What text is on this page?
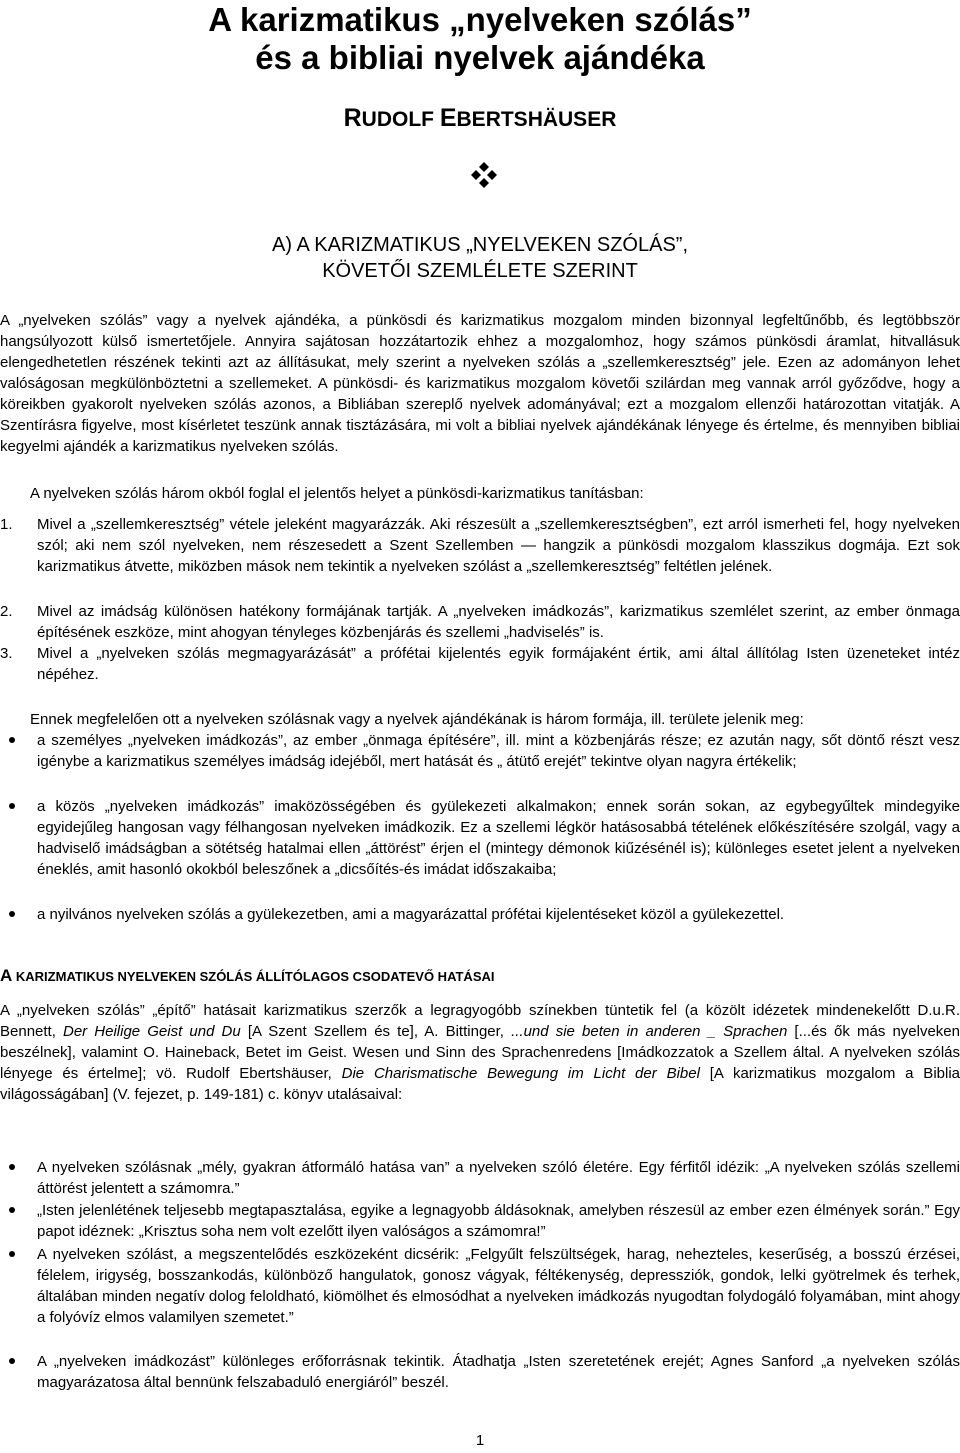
A karizmatikus „nyelveken szólás”
és a bibliai nyelvek ajándéka
RUDOLF EBERTSHÄUSER
A) A KARIZMATIKUS „NYELVEKEN SZÓLÁS”,
KÖVETŐI SZEMLÉLETE SZERINT

A „nyelveken szólás” vagy a nyelvek ajándéka, a pünkösdi és karizmatikus mozgalom minden bizonnyal legfeltűnőbb, és legtöbbször hangsúlyozott külső ismertetőjele. Annyira sajátosan hozzátartozik ehhez a mozgalomhoz, hogy számos pünkösdi áramlat, hitvallásuk elengedhetetlen részének tekinti azt az állításukat, mely szerint a nyelveken szólás a „szellemkeresztség” jele. Ezen az adományon lehet valóságosan megkülönböztetni a szellemeket. A pünkösdi- és karizmatikus mozgalom követői szilárdan meg vannak arról győződve, hogy a köreikben gyakorolt nyelveken szólás azonos, a Bibliában szereplő nyelvek adományával; ezt a mozgalom ellenzői határozottan vitatják. A Szentírásra figyelve, most kísérletet teszünk annak tisztázására, mi volt a bibliai nyelvek ajándékának lényege és értelme, és mennyiben bibliai kegyelmi ajándék a karizmatikus nyelveken szólás.

A nyelveken szólás három okból foglal el jelentős helyet a pünkösdi-karizmatikus tanításban:

1. Mivel a „szellemkeresztség” vétele jeleként magyarázzák. Aki részesült a „szellemkeresztségben”, ezt arról ismerheti fel, hogy nyelveken szól; aki nem szól nyelveken, nem részesedett a Szent Szellemben — hangzik a pünkösdi mozgalom klasszikus dogmája. Ezt sok karizmatikus átvette, miközben mások nem tekintik a nyelveken szólást a „szellemkeresztség” feltétlen jelének.
2. Mivel az imádság különösen hatékony formájának tartják. A „nyelveken imádkozás”, karizmatikus szemlélet szerint, az ember önmaga építésének eszköze, mint ahogyan tényleges közbenjárás és szellemi „hadviselés” is.
3. Mivel a „nyelveken szólás megmagyarázását” a prófétai kijelentés egyik formájaként értik, ami által állítólag Isten üzeneteket intéz népéhez.

Ennek megfelelően ott a nyelveken szólásnak vagy a nyelvek ajándékának is három formája, ill. területe jelenik meg:

a személyes „nyelveken imádkozás”, az ember „önmaga építésére”, ill. mint a közbenjárás része; ez azután nagy, sőt döntő részt vesz igénybe a karizmatikus személyes imádság idejéből, mert hatását és „ átütő erejét” tekintve olyan nagyra értékelik;
a közös „nyelveken imádkozás” imaközösségében és gyülekezeti alkalmakon; ennek során sokan, az egybegyűltek mindegyike egyidejűleg hangosan vagy félhangosan nyelveken imádkozik. Ez a szellemi légkör hatásosabbá tételének előkészítésére szolgál, vagy a hadviselő imádságban a sötétség hatalmai ellen „áttörést” érjen el (mintegy démonok kiűzésénél is); különleges esetet jelent a nyelveken éneklés, amit hasonló okokból beleszőnek a „dicsőítés-és imádat időszakaiba;
a nyilvános nyelveken szólás a gyülekezetben, ami a magyarázattal prófétai kijelentéseket közöl a gyülekezettel.
A KARIZMATIKUS NYELVEKEN SZÓLÁS ÁLLÍTÓLAGOS CSODATEVŐ HATÁSAI

A „nyelveken szólás” „építő” hatásait karizmatikus szerzők a legragyogóbb színekben tüntetik fel (a közölt idézetek mindenekelőtt D.u.R. Bennett, Der Heilige Geist und Du [A Szent Szellem és te], A. Bittinger, ...und sie beten in anderen _ Sprachen [...és ők más nyelveken beszélnek], valamint O. Haineback, Betet im Geist. Wesen und Sinn des Sprachenredens [Imádkozzatok a Szellem által. A nyelveken szólás lényege és értelme]; vö. Rudolf Ebertshäuser, Die Charismatische Bewegung im Licht der Bibel [A karizmatikus mozgalom a Biblia világosságában] (V. fejezet, p. 149-181) c. könyv utalásaival:

A nyelveken szólásnak „mély, gyakran átformáló hatása van” a nyelveken szóló életére. Egy férfitől idézik: „A nyelveken szólás szellemi áttörést jelentett a számomra.”
„Isten jelenlétének teljesebb megtapasztalása, egyike a legnagyobb áldásoknak, amelyben részesül az ember ezen élmények során.” Egy papot idéznek: „Krisztus soha nem volt ezelőtt ilyen valóságos a számomra!”
A nyelveken szólást, a megszentelődés eszközeként dicsérik: „Felgyűlt felszültségek, harag, nehezteles, keserűség, a bosszú érzései, félelem, irigység, bosszankodás, különböző hangulatok, gonosz vágyak, féltékenység, depressziók, gondok, lelki gyötrelmek és terhek, általában minden negatív dolog feloldható, kiömölhet és elmosódhat a nyelveken imádkozás nyugodtan folydogáló folyamában, mint ahogy a folyóvíz elmos valamilyen szemetet.”
A „nyelveken imádkozást” különleges erőforrásnak tekintik. Átadhatja „Isten szeretetének erejét; Agnes Sanford „a nyelveken szólás magyarázatosa által bennünk felszabaduló energiáról” beszél.
1
